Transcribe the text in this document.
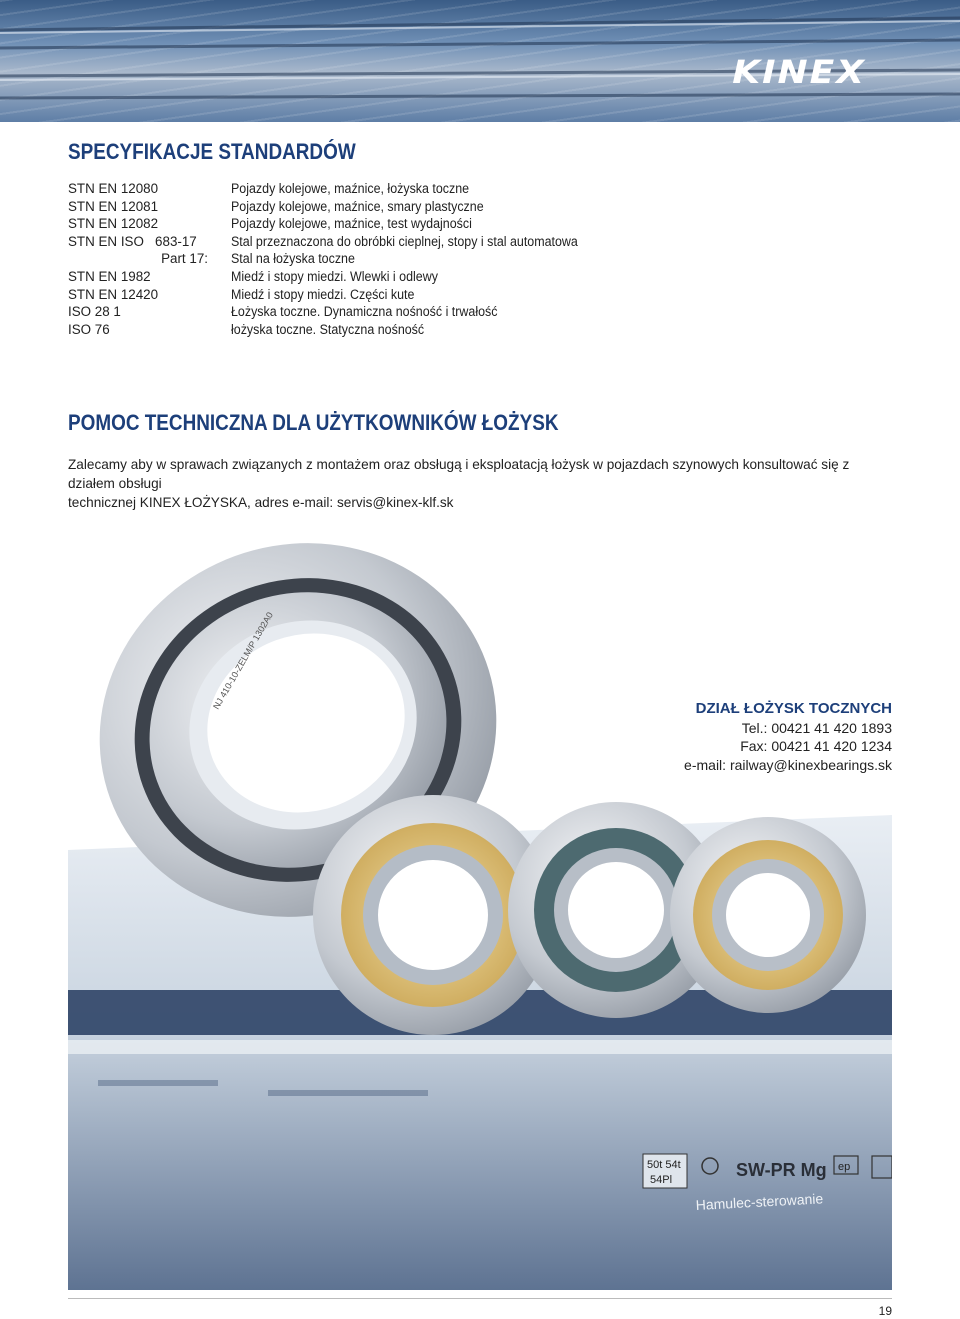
KINEX
SPECYFIKACJE STANDARDÓW
STN EN 12080	Pojazdy kolejowe, maźnice, łożyska toczne
STN EN 12081	Pojazdy kolejowe, maźnice, smary plastyczne
STN EN 12082	Pojazdy kolejowe, maźnice, test wydajności
STN EN ISO   683-17	Stal przeznaczona do obróbki cieplnej, stopy i stal automatowa
Part 17: Stal na łożyska toczne
STN EN 1982	Miedź i stopy miedzi. Wlewki i odlewy
STN EN 12420	Miedź i stopy miedzi. Części kute
ISO 28 1	Łożyska toczne. Dynamiczna nośność i trwałość
ISO 76	łożyska toczne. Statyczna nośność
POMOC TECHNICZNA DLA UŻYTKOWNIKÓW ŁOŻYSK
Zalecamy aby w sprawach związanych z montażem oraz obsługą i eksploatacją łożysk w pojazdach szynowych konsultować się z działem obsługi
technicznej KINEX ŁOŻYSKA, adres e-mail: servis@kinex-klf.sk
50t 54t
54Pl	SW-PR Mg ep
Hamulec-sterowanie
NJ 410-10-ZELM/P 1302A0	DZIAŁ ŁOŻYSK TOCZNYCH
Tel.: 00421 41 420 1893
Fax: 00421 41 420 1234
e-mail: railway@kinexbearings.sk
19
